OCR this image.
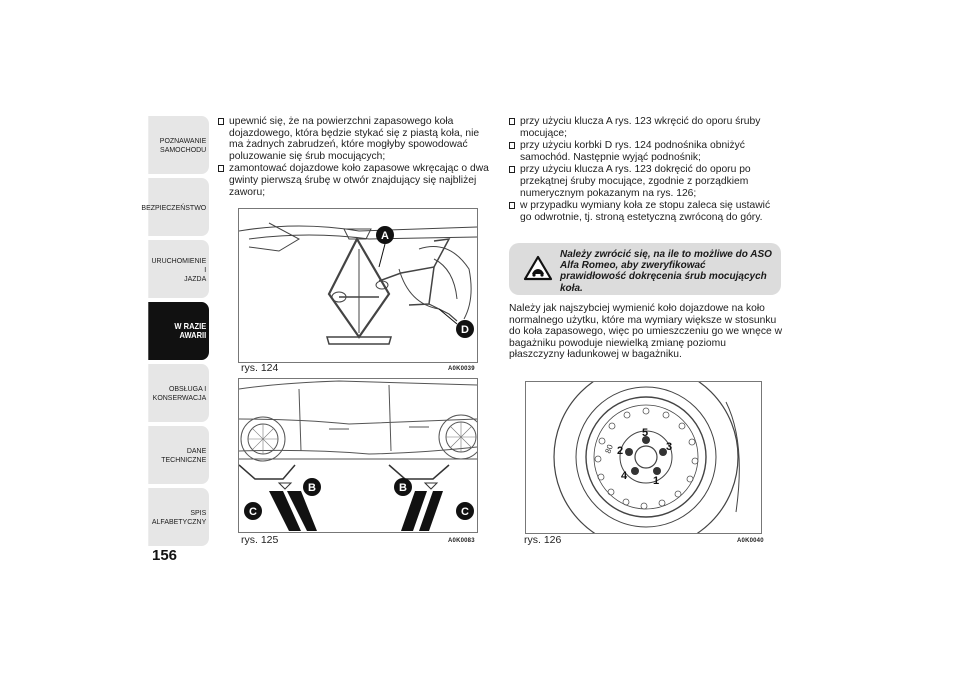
POZNAWANIE
SAMOCHODU
BEZPIECZEŃSTWO
URUCHOMIENIE I
JAZDA
W RAZIE AWARII
OBSŁUGA I
KONSERWACJA
DANE TECHNICZNE
SPIS ALFABETYCZNY
156
upewnić się, że na powierzchni zapasowego koła dojazdowego, która będzie stykać się z piastą koła, nie ma żadnych zabrudzeń, które mogłyby spowodować poluzowanie się śrub mocujących;
zamontować dojazdowe koło zapasowe wkręcając o dwa gwinty pierwszą śrubę w otwór znajdujący się najbliżej zaworu;
A
D
rys. 124	A0K0039
B
C
B
C
rys. 125	A0K0083
przy użyciu klucza A rys. 123 wkręcić do oporu śruby mocujące;
przy użyciu korbki D rys. 124 podnośnika obniżyć samochód. Następnie wyjąć podnośnik;
przy użyciu klucza A rys. 123 dokręcić do oporu po przekątnej śruby mocujące, zgodnie z porządkiem numerycznym pokazanym na rys. 126;
w przypadku wymiany koła ze stopu zaleca się ustawić go odwrotnie, tj. stroną estetyczną zwróconą do góry.
Należy zwrócić się, na ile to możliwe do ASO Alfa Romeo, aby zweryfikować prawidłowość dokręcenia śrub mocujących koła.
Należy jak najszybciej wymienić koło dojazdowe na koło normalnego użytku, które ma wymiary większe w stosunku do koła zapasowego, więc po umieszczeniu go we wnęce w bagażniku powoduje niewielką zmianę poziomu płaszczyzny ładunkowej w bagażniku.
5
3
1
4
2
80
rys. 126	A0K0040
